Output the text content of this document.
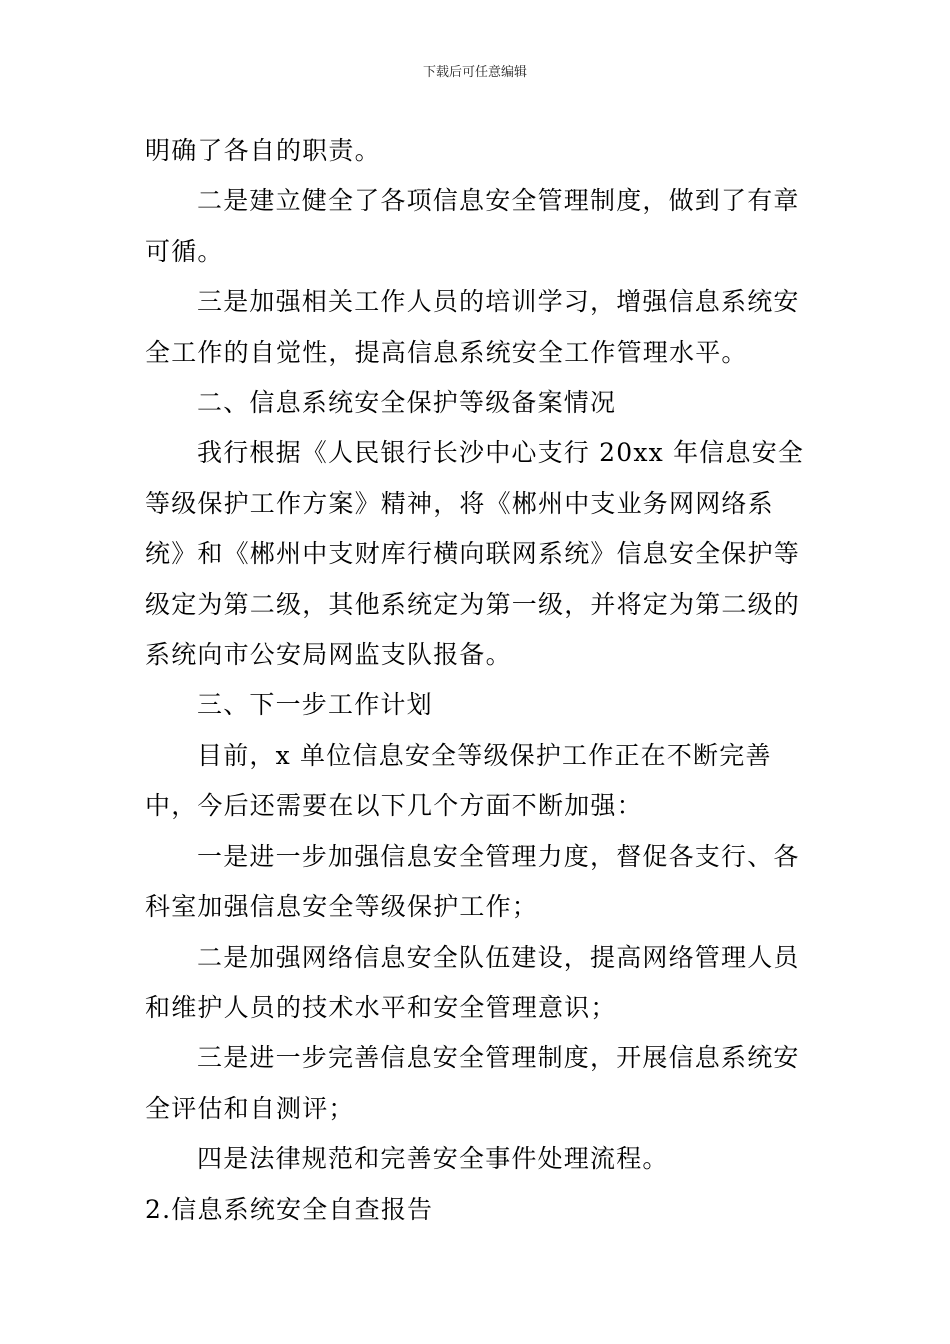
下载后可任意编辑

明确了各自的职责。

二是建立健全了各项信息安全管理制度，做到了有章可循。

三是加强相关工作人员的培训学习，增强信息系统安全工作的自觉性，提高信息系统安全工作管理水平。

二、信息系统安全保护等级备案情况

我行根据《人民银行长沙中心支行 20xx 年信息安全等级保护工作方案》精神，将《郴州中支业务网网络系统》和《郴州中支财库行横向联网系统》信息安全保护等级定为第二级，其他系统定为第一级，并将定为第二级的系统向市公安局网监支队报备。

三、下一步工作计划

目前，x 单位信息安全等级保护工作正在不断完善中，今后还需要在以下几个方面不断加强：

一是进一步加强信息安全管理力度，督促各支行、各科室加强信息安全等级保护工作；

二是加强网络信息安全队伍建设，提高网络管理人员和维护人员的技术水平和安全管理意识；

三是进一步完善信息安全管理制度，开展信息系统安全评估和自测评；

四是法律规范和完善安全事件处理流程。

2.信息系统安全自查报告
